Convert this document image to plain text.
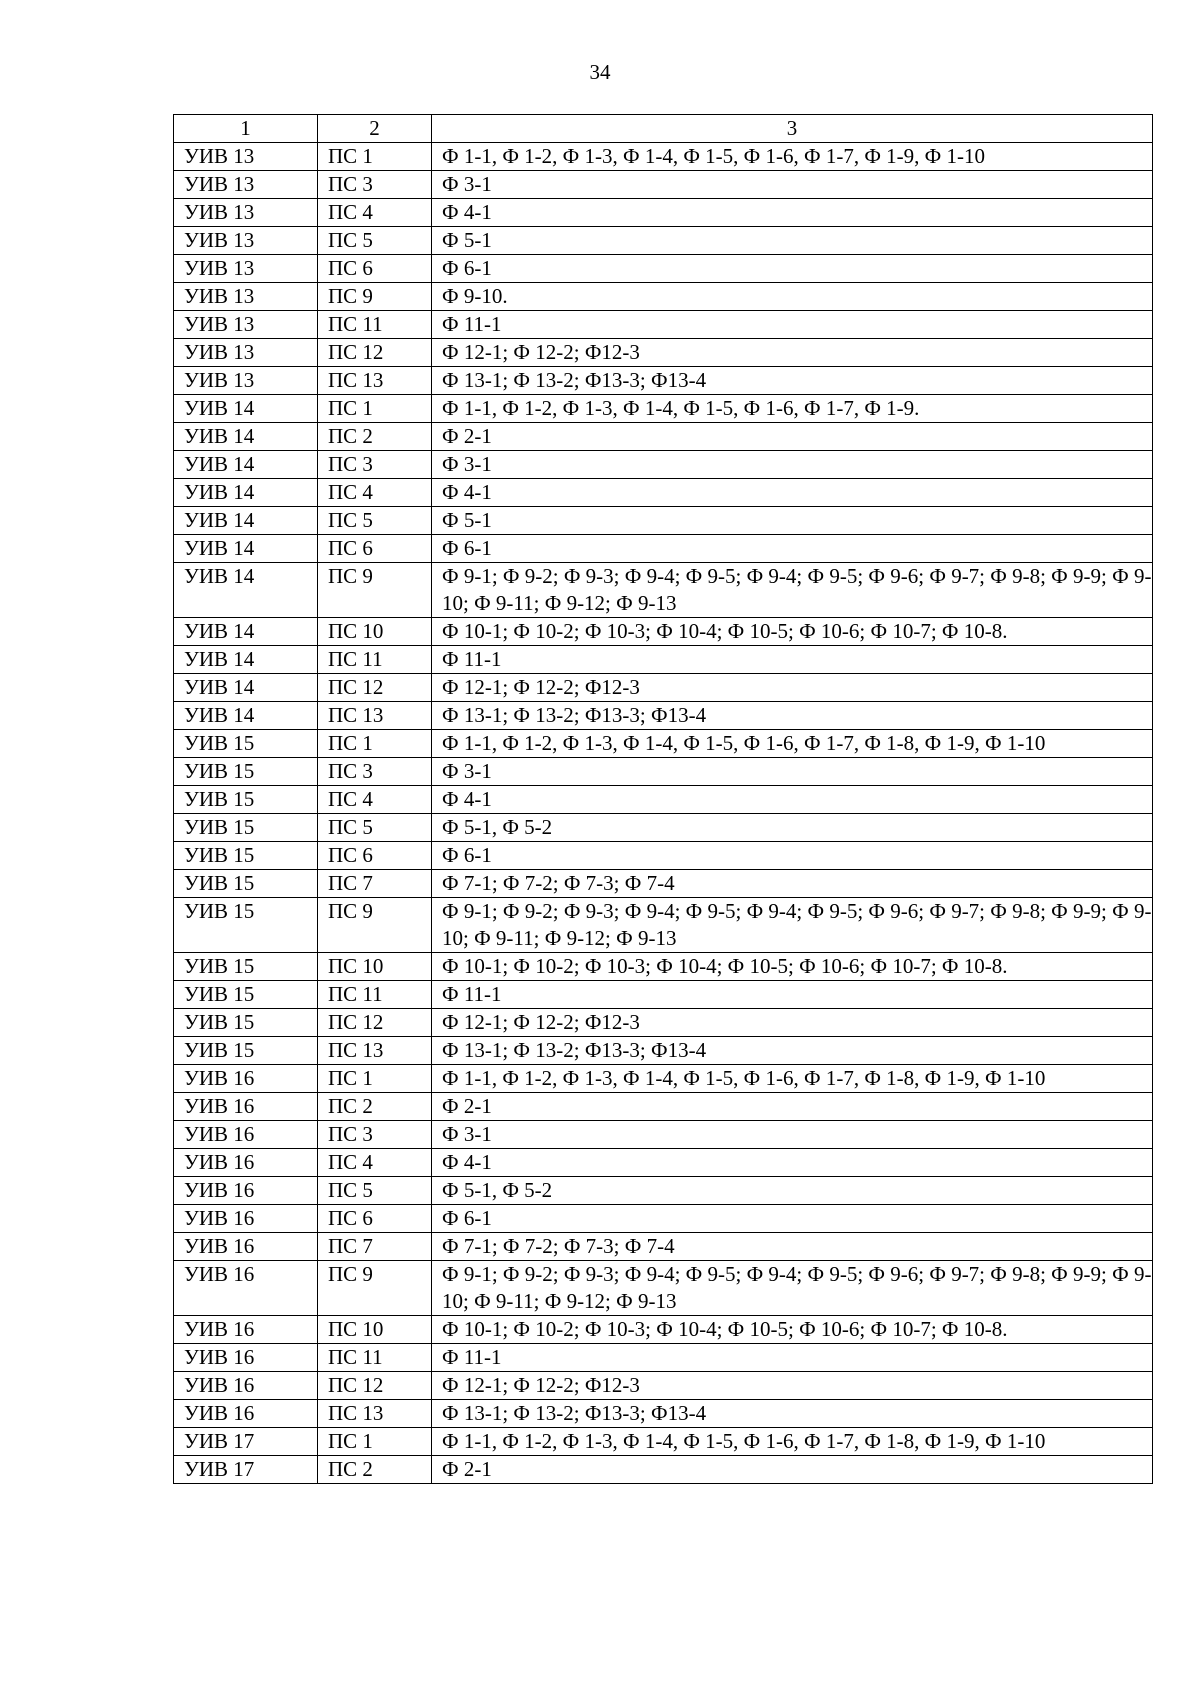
34
1	2	3
УИВ 13	ПС 1	Ф 1-1, Ф 1-2, Ф 1-3, Ф 1-4, Ф 1-5, Ф 1-6, Ф 1-7, Ф 1-9, Ф 1-10
УИВ 13	ПС 3	Ф 3-1
УИВ 13	ПС 4	Ф 4-1
УИВ 13	ПС 5	Ф 5-1
УИВ 13	ПС 6	Ф 6-1
УИВ 13	ПС 9	Ф 9-10.
УИВ 13	ПС 11	Ф 11-1
УИВ 13	ПС 12	Ф 12-1; Ф 12-2; Ф12-3
УИВ 13	ПС 13	Ф 13-1; Ф 13-2; Ф13-3; Ф13-4
УИВ 14	ПС 1	Ф 1-1, Ф 1-2, Ф 1-3, Ф 1-4, Ф 1-5, Ф 1-6, Ф 1-7, Ф 1-9.
УИВ 14	ПС 2	Ф 2-1
УИВ 14	ПС 3	Ф 3-1
УИВ 14	ПС 4	Ф 4-1
УИВ 14	ПС 5	Ф 5-1
УИВ 14	ПС 6	Ф 6-1
УИВ 14	ПС 9	Ф 9-1; Ф 9-2; Ф 9-3; Ф 9-4; Ф 9-5; Ф 9-4; Ф 9-5; Ф 9-6; Ф 9-7; Ф 9-8; Ф 9-9; Ф 9-10; Ф 9-11; Ф 9-12; Ф 9-13
УИВ 14	ПС 10	Ф 10-1; Ф 10-2; Ф 10-3; Ф 10-4; Ф 10-5; Ф 10-6; Ф 10-7; Ф 10-8.
УИВ 14	ПС 11	Ф 11-1
УИВ 14	ПС 12	Ф 12-1; Ф 12-2; Ф12-3
УИВ 14	ПС 13	Ф 13-1; Ф 13-2; Ф13-3; Ф13-4
УИВ 15	ПС 1	Ф 1-1, Ф 1-2, Ф 1-3, Ф 1-4, Ф 1-5, Ф 1-6, Ф 1-7, Ф 1-8, Ф 1-9, Ф 1-10
УИВ 15	ПС 3	Ф 3-1
УИВ 15	ПС 4	Ф 4-1
УИВ 15	ПС 5	Ф 5-1, Ф 5-2
УИВ 15	ПС 6	Ф 6-1
УИВ 15	ПС 7	Ф 7-1; Ф 7-2; Ф 7-3; Ф 7-4
УИВ 15	ПС 9	Ф 9-1; Ф 9-2; Ф 9-3; Ф 9-4; Ф 9-5; Ф 9-4; Ф 9-5; Ф 9-6; Ф 9-7; Ф 9-8; Ф 9-9; Ф 9-10; Ф 9-11; Ф 9-12; Ф 9-13
УИВ 15	ПС 10	Ф 10-1; Ф 10-2; Ф 10-3; Ф 10-4; Ф 10-5; Ф 10-6; Ф 10-7; Ф 10-8.
УИВ 15	ПС 11	Ф 11-1
УИВ 15	ПС 12	Ф 12-1; Ф 12-2; Ф12-3
УИВ 15	ПС 13	Ф 13-1; Ф 13-2; Ф13-3; Ф13-4
УИВ 16	ПС 1	Ф 1-1, Ф 1-2, Ф 1-3, Ф 1-4, Ф 1-5, Ф 1-6, Ф 1-7, Ф 1-8, Ф 1-9, Ф 1-10
УИВ 16	ПС 2	Ф 2-1
УИВ 16	ПС 3	Ф 3-1
УИВ 16	ПС 4	Ф 4-1
УИВ 16	ПС 5	Ф 5-1, Ф 5-2
УИВ 16	ПС 6	Ф 6-1
УИВ 16	ПС 7	Ф 7-1; Ф 7-2; Ф 7-3; Ф 7-4
УИВ 16	ПС 9	Ф 9-1; Ф 9-2; Ф 9-3; Ф 9-4; Ф 9-5; Ф 9-4; Ф 9-5; Ф 9-6; Ф 9-7; Ф 9-8; Ф 9-9; Ф 9-10; Ф 9-11; Ф 9-12; Ф 9-13
УИВ 16	ПС 10	Ф 10-1; Ф 10-2; Ф 10-3; Ф 10-4; Ф 10-5; Ф 10-6; Ф 10-7; Ф 10-8.
УИВ 16	ПС 11	Ф 11-1
УИВ 16	ПС 12	Ф 12-1; Ф 12-2; Ф12-3
УИВ 16	ПС 13	Ф 13-1; Ф 13-2; Ф13-3; Ф13-4
УИВ 17	ПС 1	Ф 1-1, Ф 1-2, Ф 1-3, Ф 1-4, Ф 1-5, Ф 1-6, Ф 1-7, Ф 1-8, Ф 1-9, Ф 1-10
УИВ 17	ПС 2	Ф 2-1
